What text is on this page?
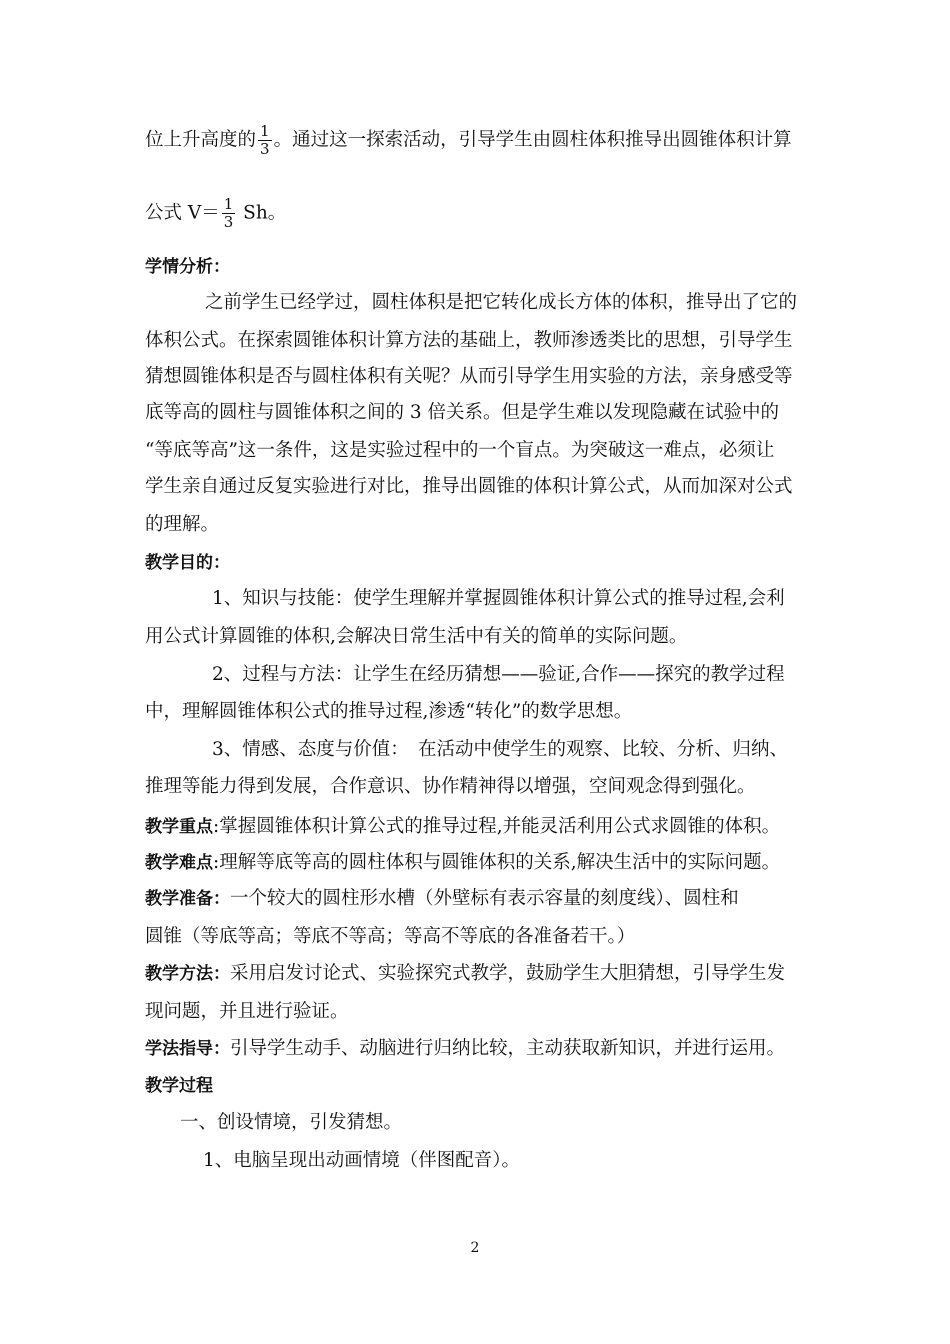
位上升高度的 $\frac{1}{3}$ 。通过这一探索活动，引导学生由圆柱体积推导出圆锥体积计算
公式 $V= \frac{1}{3}$ Sh。
学情分析：
之前学生已经学过，圆柱体积是把它转化成长方体的体积，推导出了它的
体积公式。在探索圆锥体积计算方法的基础上，教师渗透类比的思想，引导学生
猜想圆锥体积是否与圆柱体积有关呢？从而引导学生用实验的方法，亲身感受等
底等高的圆柱与圆锥体积之间的 3 倍关系。但是学生难以发现隐藏在试验中的
“等底等高”这一条件，这是实验过程中的一个盲点。为突破这一难点，必须让
学生亲自通过反复实验进行对比，推导出圆锥的体积计算公式，从而加深对公式
的理解。
教学目的：
1、知识与技能：使学生理解并掌握圆锥体积计算公式的推导过程,会利
用公式计算圆锥的体积,会解决日常生活中有关的简单的实际问题。
2、过程与方法：让学生在经历猜想——验证,合作——探究的教学过程
中，理解圆锥体积公式的推导过程,渗透“转化”的数学思想。
3、情感、态度与价值：　在活动中使学生的观察、比较、分析、归纳、
推理等能力得到发展，合作意识、协作精神得以增强，空间观念得到强化。
教学重点:掌握圆锥体积计算公式的推导过程,并能灵活利用公式求圆锥的体积。
教学难点:理解等底等高的圆柱体积与圆锥体积的关系,解决生活中的实际问题。
教学准备：一个较大的圆柱形水槽（外壁标有表示容量的刻度线）、圆柱和
圆锥（等底等高；等底不等高；等高不等底的各准备若干。）
教学方法：采用启发讨论式、实验探究式教学，鼓励学生大胆猜想，引导学生发
现问题，并且进行验证。
学法指导：引导学生动手、动脑进行归纳比较，主动获取新知识，并进行运用。
教学过程
一、创设情境，引发猜想。
1、电脑呈现出动画情境（伴图配音）。
2
